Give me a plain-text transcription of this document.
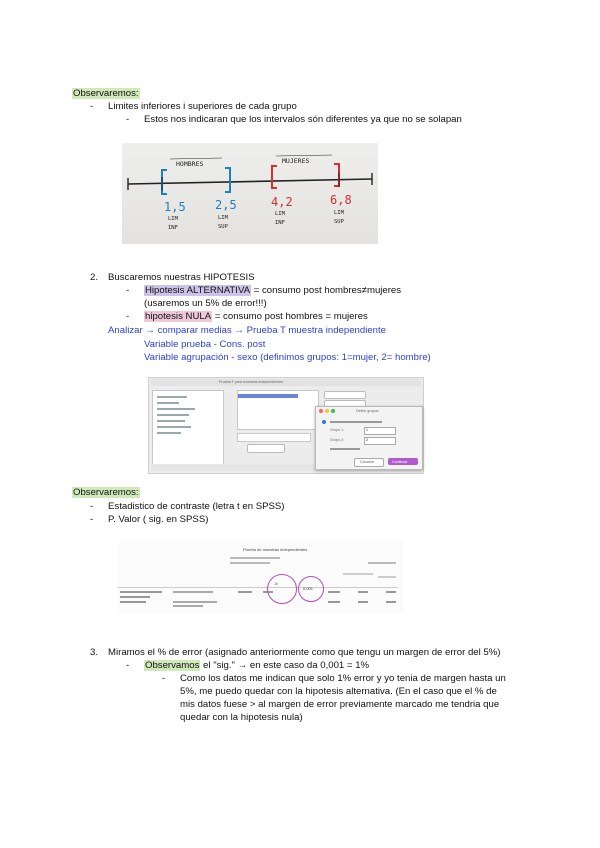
Observaremos:
- Limites inferiores i superiores de cada grupo
- Estos nos indicaran que los intervalos són diferentes ya que no se solapan
HOMBRES	MUJERES
1,5
LIM
INF
2,5
LIM
SUP
4,2
LIM
INF
6,8
LIM
SUP
2. Buscaremos nuestras HIPOTESIS
- Hipotesis ALTERNATIVA = consumo post hombres≠mujeres
(usaremos un 5% de error!!!)
- hipotesis NULA = consumo post hombres = mujeres
Analizar → comparar medias → Prueba T muestra independiente
Variable prueba - Cons. post
Variable agrupación - sexo (definimos grupos: 1=mujer, 2= hombre)
Prueba T para muestras independientes
Definir grupos
Grupo 1:	1
Grupo 2:	2
Cancelar	Continuar
Observaremos:
- Estadistico de contraste (letra t en SPSS)
- P. Valor ( sig. en SPSS)
Prueba de muestras independientes
-5
0,001
3. Miramos el % de error (asignado anteriormente como que tengu un margen de error del 5%)
- Observamos el "sig." → en este caso da 0,001 = 1%
- Como los datos me indican que solo 1% error y yo tenia de margen hasta un
5%, me puedo quedar con la hipotesis alternativa. (En el caso que el % de
mis datos fuese > al margen de error previamente marcado me tendria que
quedar con la hipotesis nula)
